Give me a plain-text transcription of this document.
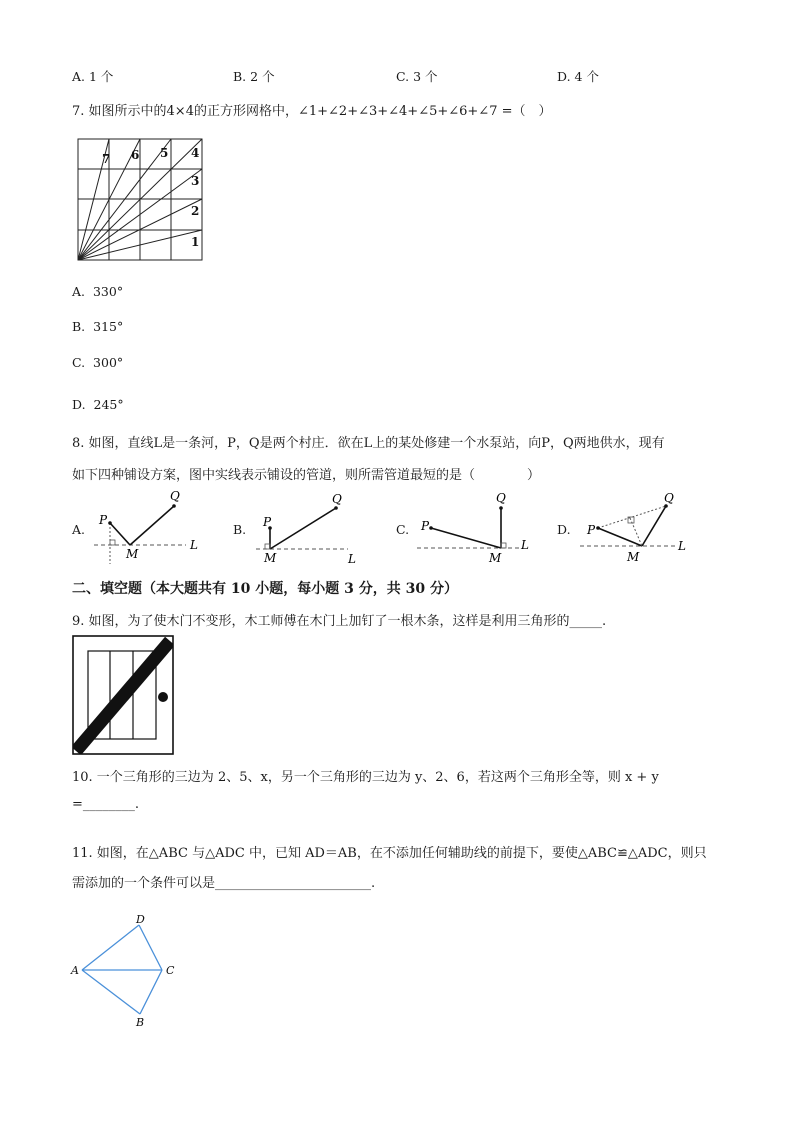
A. 1 个	B. 2 个	C. 3 个	D. 4 个
7. 如图所示中的4×4的正方形网格中，∠1+∠2+∠3+∠4+∠5+∠6+∠7 =（　）
1
2
3
4
5
6
7
A. 330°
B. 315°
C. 300°
D. 245°
8. 如图，直线L是一条河，P，Q是两个村庄．欲在L上的某处修建一个水泵站，向P，Q两地供水，现有
如下四种铺设方案，图中实线表示铺设的管道，则所需管道最短的是（　　　　）
A.
P
Q
M
L
B. P
Q
M	L
C. P
Q
M
L
D. P
Q
M
L
二、填空题（本大题共有 10 小题，每小题 3 分，共 30 分）
9. 如图，为了使木门不变形，木工师傅在木门上加钉了一根木条，这样是利用三角形的_____.
10. 一个三角形的三边为 2、5、x，另一个三角形的三边为 y、2、6，若这两个三角形全等，则 x + y
=________.
11. 如图，在△ABC 与△ADC 中，已知 AD＝AB，在不添加任何辅助线的前提下，要使△ABC≌△ADC，则只
需添加的一个条件可以是________________________.
D
A	C
B
